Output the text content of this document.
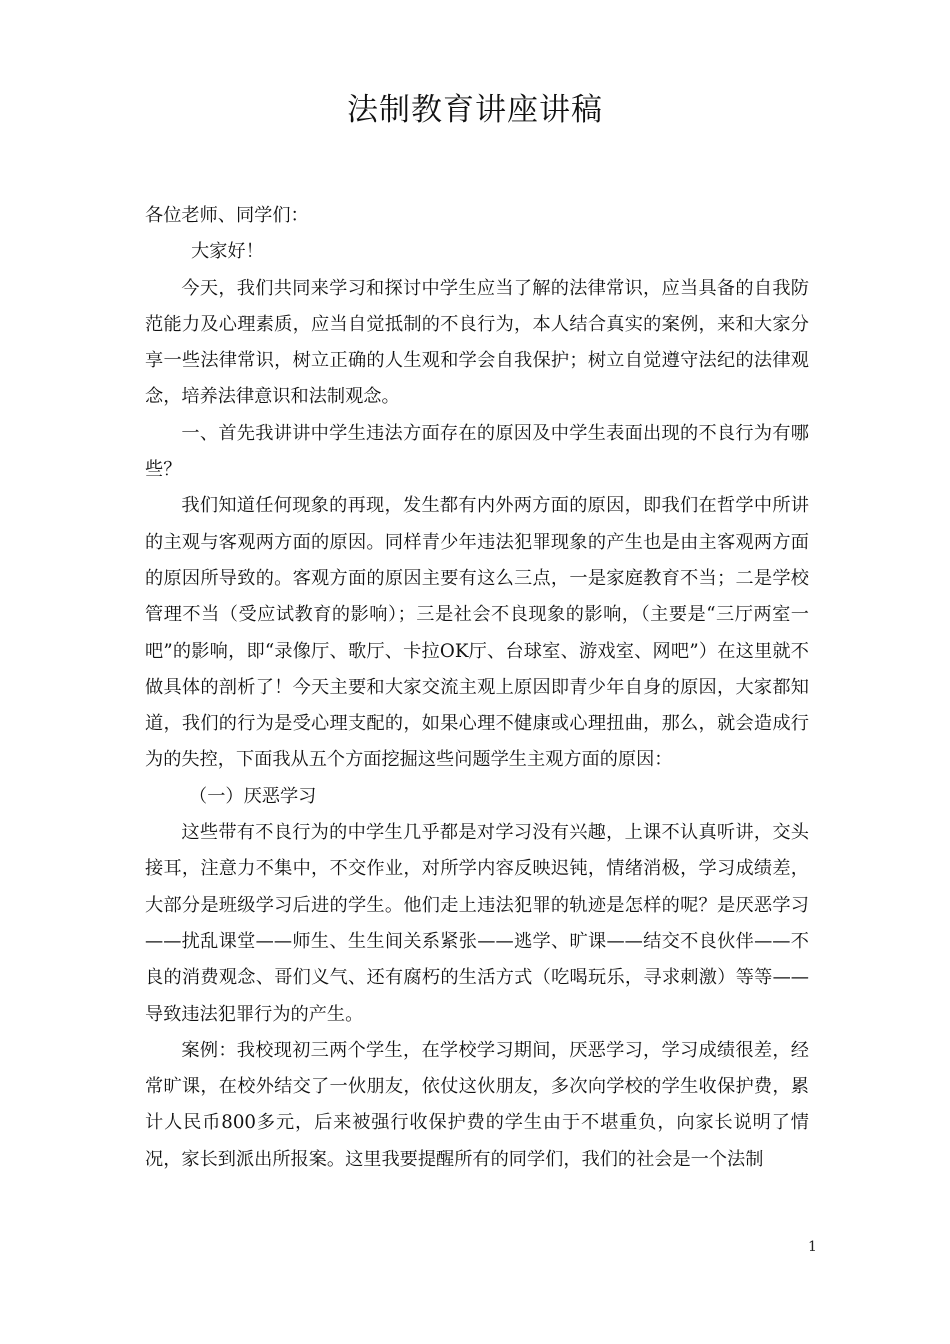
法制教育讲座讲稿

各位老师、同学们：

大家好！

今天，我们共同来学习和探讨中学生应当了解的法律常识，应当具备的自我防范能力及心理素质，应当自觉抵制的不良行为，本人结合真实的案例，来和大家分享一些法律常识，树立正确的人生观和学会自我保护；树立自觉遵守法纪的法律观念，培养法律意识和法制观念。

一、首先我讲讲中学生违法方面存在的原因及中学生表面出现的不良行为有哪些？

我们知道任何现象的再现，发生都有内外两方面的原因，即我们在哲学中所讲的主观与客观两方面的原因。同样青少年违法犯罪现象的产生也是由主客观两方面的原因所导致的。客观方面的原因主要有这么三点，一是家庭教育不当；二是学校管理不当（受应试教育的影响）；三是社会不良现象的影响，（主要是“三厅两室一吧”的影响，即“录像厅、歌厅、卡拉OK厅、台球室、游戏室、网吧”）在这里就不做具体的剖析了！今天主要和大家交流主观上原因即青少年自身的原因，大家都知道，我们的行为是受心理支配的，如果心理不健康或心理扭曲，那么，就会造成行为的失控，下面我从五个方面挖掘这些问题学生主观方面的原因：

（一）厌恶学习

这些带有不良行为的中学生几乎都是对学习没有兴趣，上课不认真听讲，交头接耳，注意力不集中，不交作业，对所学内容反映迟钝，情绪消极，学习成绩差，大部分是班级学习后进的学生。他们走上违法犯罪的轨迹是怎样的呢？是厌恶学习——扰乱课堂——师生、生生间关系紧张——逃学、旷课——结交不良伙伴——不良的消费观念、哥们义气、还有腐朽的生活方式（吃喝玩乐，寻求刺激）等等——导致违法犯罪行为的产生。

案例：我校现初三两个学生，在学校学习期间，厌恶学习，学习成绩很差，经常旷课，在校外结交了一伙朋友，依仗这伙朋友，多次向学校的学生收保护费，累计人民币800多元，后来被强行收保护费的学生由于不堪重负，向家长说明了情况，家长到派出所报案。这里我要提醒所有的同学们，我们的社会是一个法制

1
